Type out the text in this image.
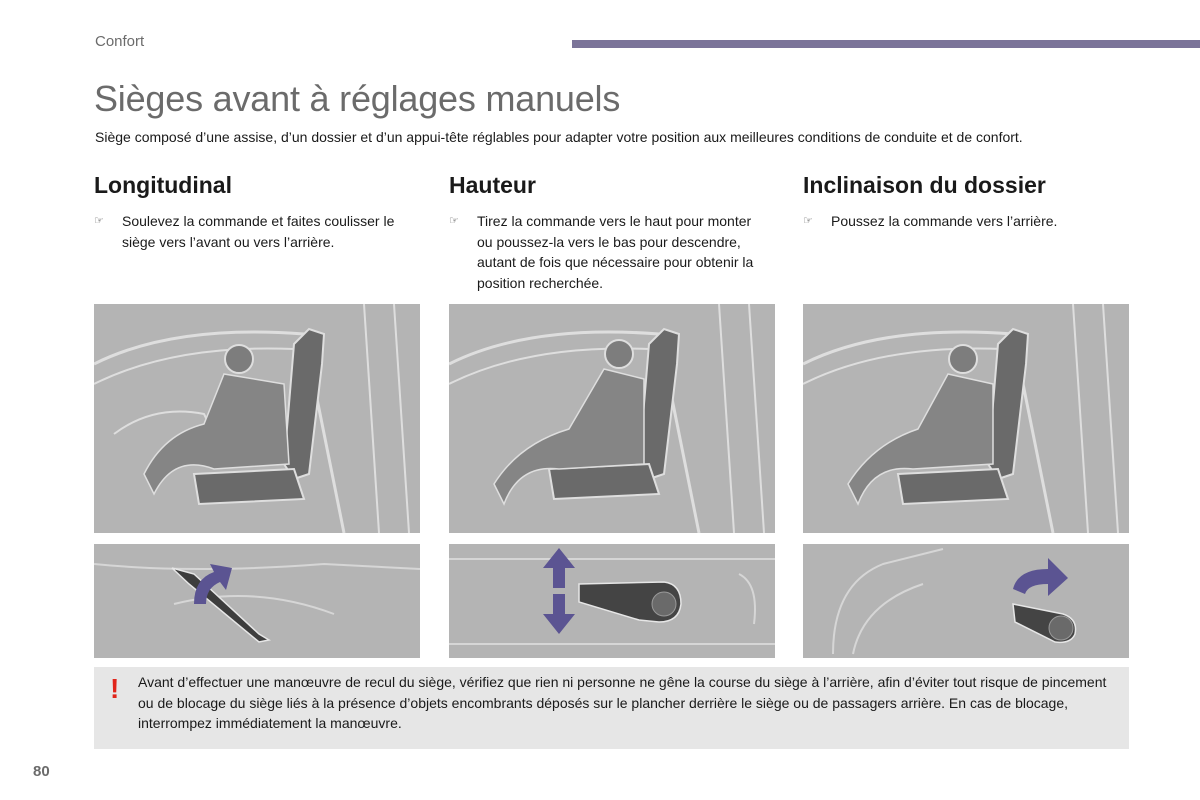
Confort
Sièges avant à réglages manuels
Siège composé d’une assise, d’un dossier et d’un appui-tête réglables pour adapter votre position aux meilleures conditions de conduite et de confort.
Longitudinal
☞ Soulevez la commande et faites coulisser le siège vers l’avant ou vers l’arrière.
Hauteur
☞ Tirez la commande vers le haut pour monter ou poussez-la vers le bas pour descendre, autant de fois que nécessaire pour obtenir la position recherchée.
Inclinaison du dossier
☞ Poussez la commande vers l’arrière.
! Avant d’effectuer une manœuvre de recul du siège, vérifiez que rien ni personne ne gêne la course du siège à l’arrière, afin d’éviter tout risque de pincement ou de blocage du siège liés à la présence d’objets encombrants déposés sur le plancher derrière le siège ou de passagers arrière. En cas de blocage, interrompez immédiatement la manœuvre.
80
